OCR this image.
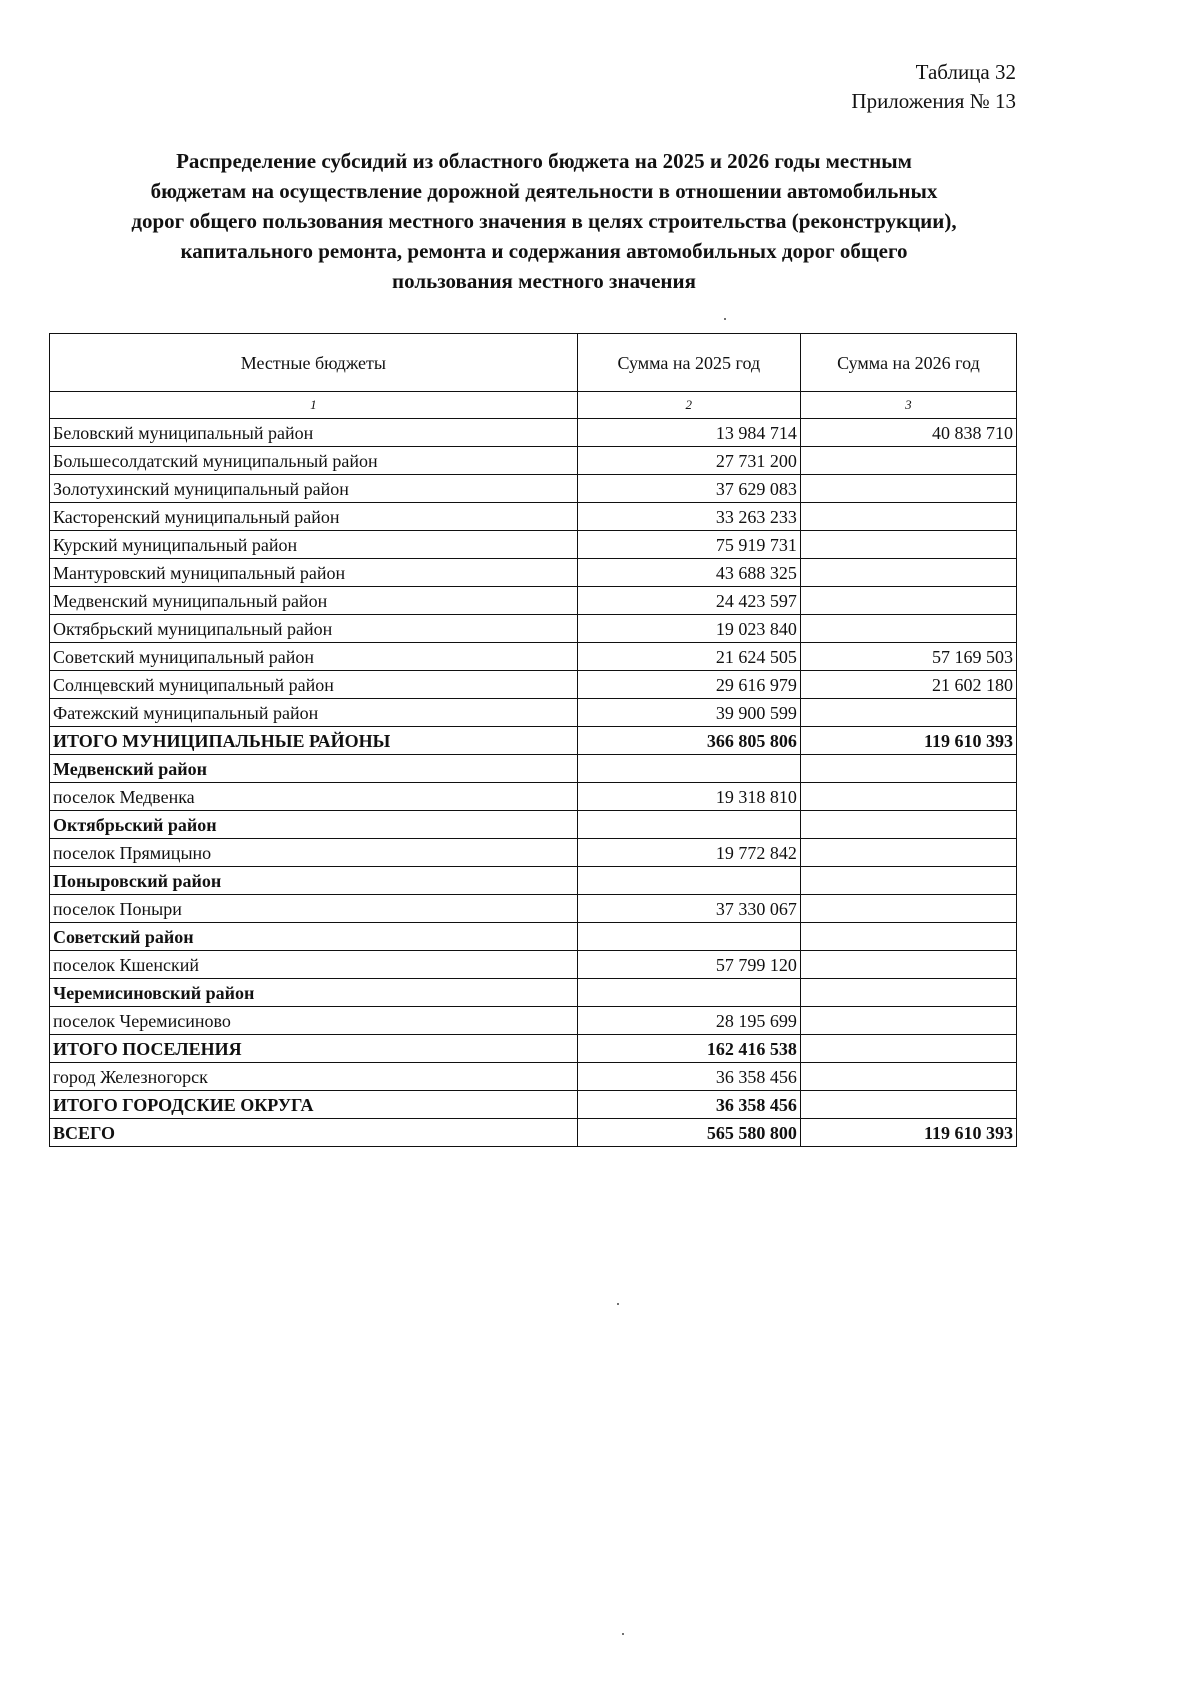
Таблица 32
Приложения № 13
Распределение субсидий из областного бюджета на 2025 и 2026 годы местным
бюджетам на осуществление дорожной деятельности в отношении автомобильных
дорог общего пользования местного значения в целях строительства (реконструкции),
капитального ремонта, ремонта и содержания автомобильных дорог общего
пользования местного значения
Местные бюджеты	Сумма на 2025 год	Сумма на 2026 год
1	2	3
Беловский муниципальный район	13 984 714	40 838 710
Большесолдатский муниципальный район	27 731 200	
Золотухинский муниципальный район	37 629 083	
Касторенский муниципальный район	33 263 233	
Курский муниципальный район	75 919 731	
Мантуровский муниципальный район	43 688 325	
Медвенский муниципальный район	24 423 597	
Октябрьский муниципальный район	19 023 840	
Советский муниципальный район	21 624 505	57 169 503
Солнцевский муниципальный район	29 616 979	21 602 180
Фатежский муниципальный район	39 900 599	
ИТОГО МУНИЦИПАЛЬНЫЕ РАЙОНЫ	366 805 806	119 610 393
Медвенский район		
поселок Медвенка	19 318 810	
Октябрьский район		
поселок Прямицыно	19 772 842	
Поныровский район		
поселок Поныри	37 330 067	
Советский район		
поселок Кшенский	57 799 120	
Черемисиновский район		
поселок Черемисиново	28 195 699	
ИТОГО ПОСЕЛЕНИЯ	162 416 538	
город Железногорск	36 358 456	
ИТОГО ГОРОДСКИЕ ОКРУГА	36 358 456	
ВСЕГО	565 580 800	119 610 393
